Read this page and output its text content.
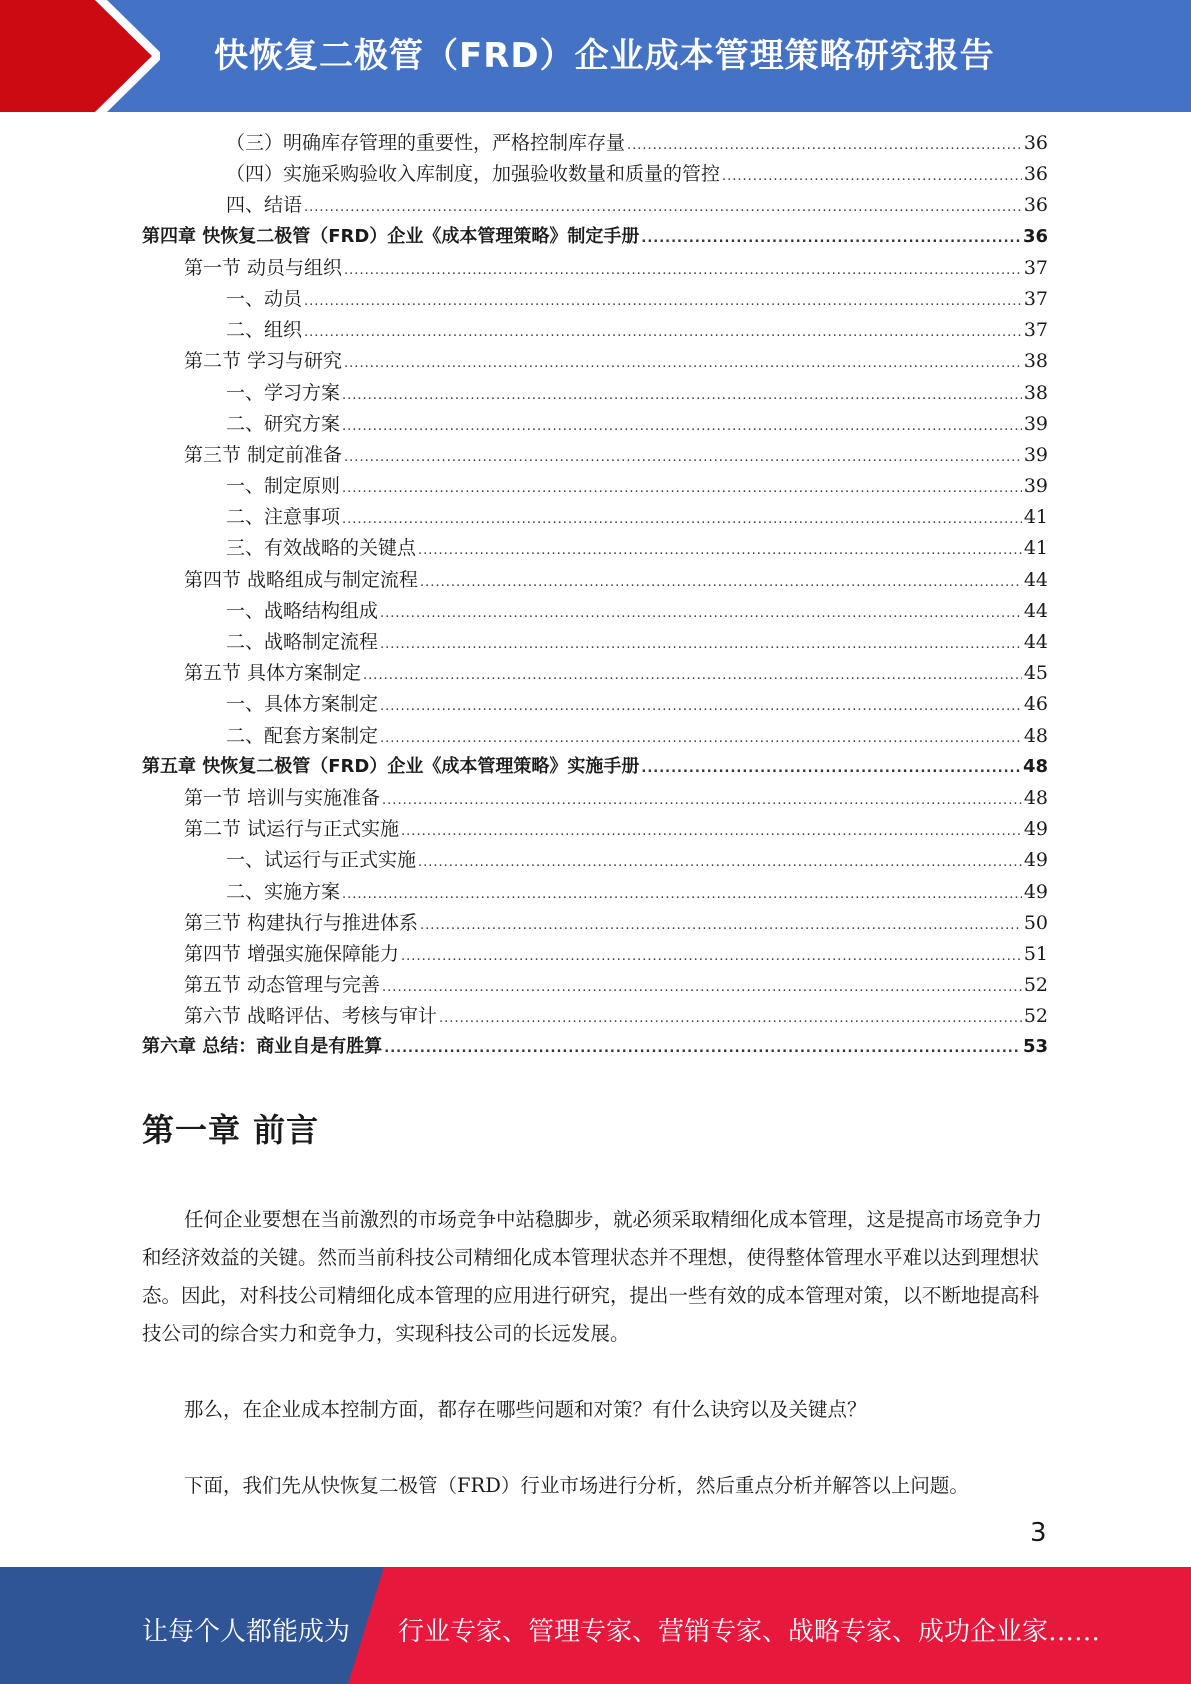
快恢复二极管（FRD）企业成本管理策略研究报告
（三）明确库存管理的重要性，严格控制库存量 .....	36
（四）实施采购验收入库制度，加强验收数量和质量的管控 .....	36
四、结语 .....	36
第四章 快恢复二极管（FRD）企业《成本管理策略》制定手册 .....	36
第一节 动员与组织 .....	37
一、动员 .....	37
二、组织 .....	37
第二节 学习与研究 .....	38
一、学习方案 .....	38
二、研究方案 .....	39
第三节 制定前准备 .....	39
一、制定原则 .....	39
二、注意事项 .....	41
三、有效战略的关键点 .....	41
第四节 战略组成与制定流程 .....	44
一、战略结构组成 .....	44
二、战略制定流程 .....	44
第五节 具体方案制定 .....	45
一、具体方案制定 .....	46
二、配套方案制定 .....	48
第五章 快恢复二极管（FRD）企业《成本管理策略》实施手册 .....	48
第一节 培训与实施准备 .....	48
第二节 试运行与正式实施 .....	49
一、试运行与正式实施 .....	49
二、实施方案 .....	49
第三节 构建执行与推进体系 .....	50
第四节 增强实施保障能力 .....	51
第五节 动态管理与完善 .....	52
第六节 战略评估、考核与审计 .....	52
第六章 总结：商业自是有胜算 .....	53
第一章 前言

任何企业要想在当前激烈的市场竞争中站稳脚步，就必须采取精细化成本管理，这是提高市场竞争力和经济效益的关键。然而当前科技公司精细化成本管理状态并不理想，使得整体管理水平难以达到理想状态。因此，对科技公司精细化成本管理的应用进行研究，提出一些有效的成本管理对策，以不断地提高科技公司的综合实力和竞争力，实现科技公司的长远发展。

那么，在企业成本控制方面，都存在哪些问题和对策？有什么诀窍以及关键点？

下面，我们先从快恢复二极管（FRD）行业市场进行分析，然后重点分析并解答以上问题。

3
让每个人都能成为 行业专家、管理专家、营销专家、战略专家、成功企业家……
